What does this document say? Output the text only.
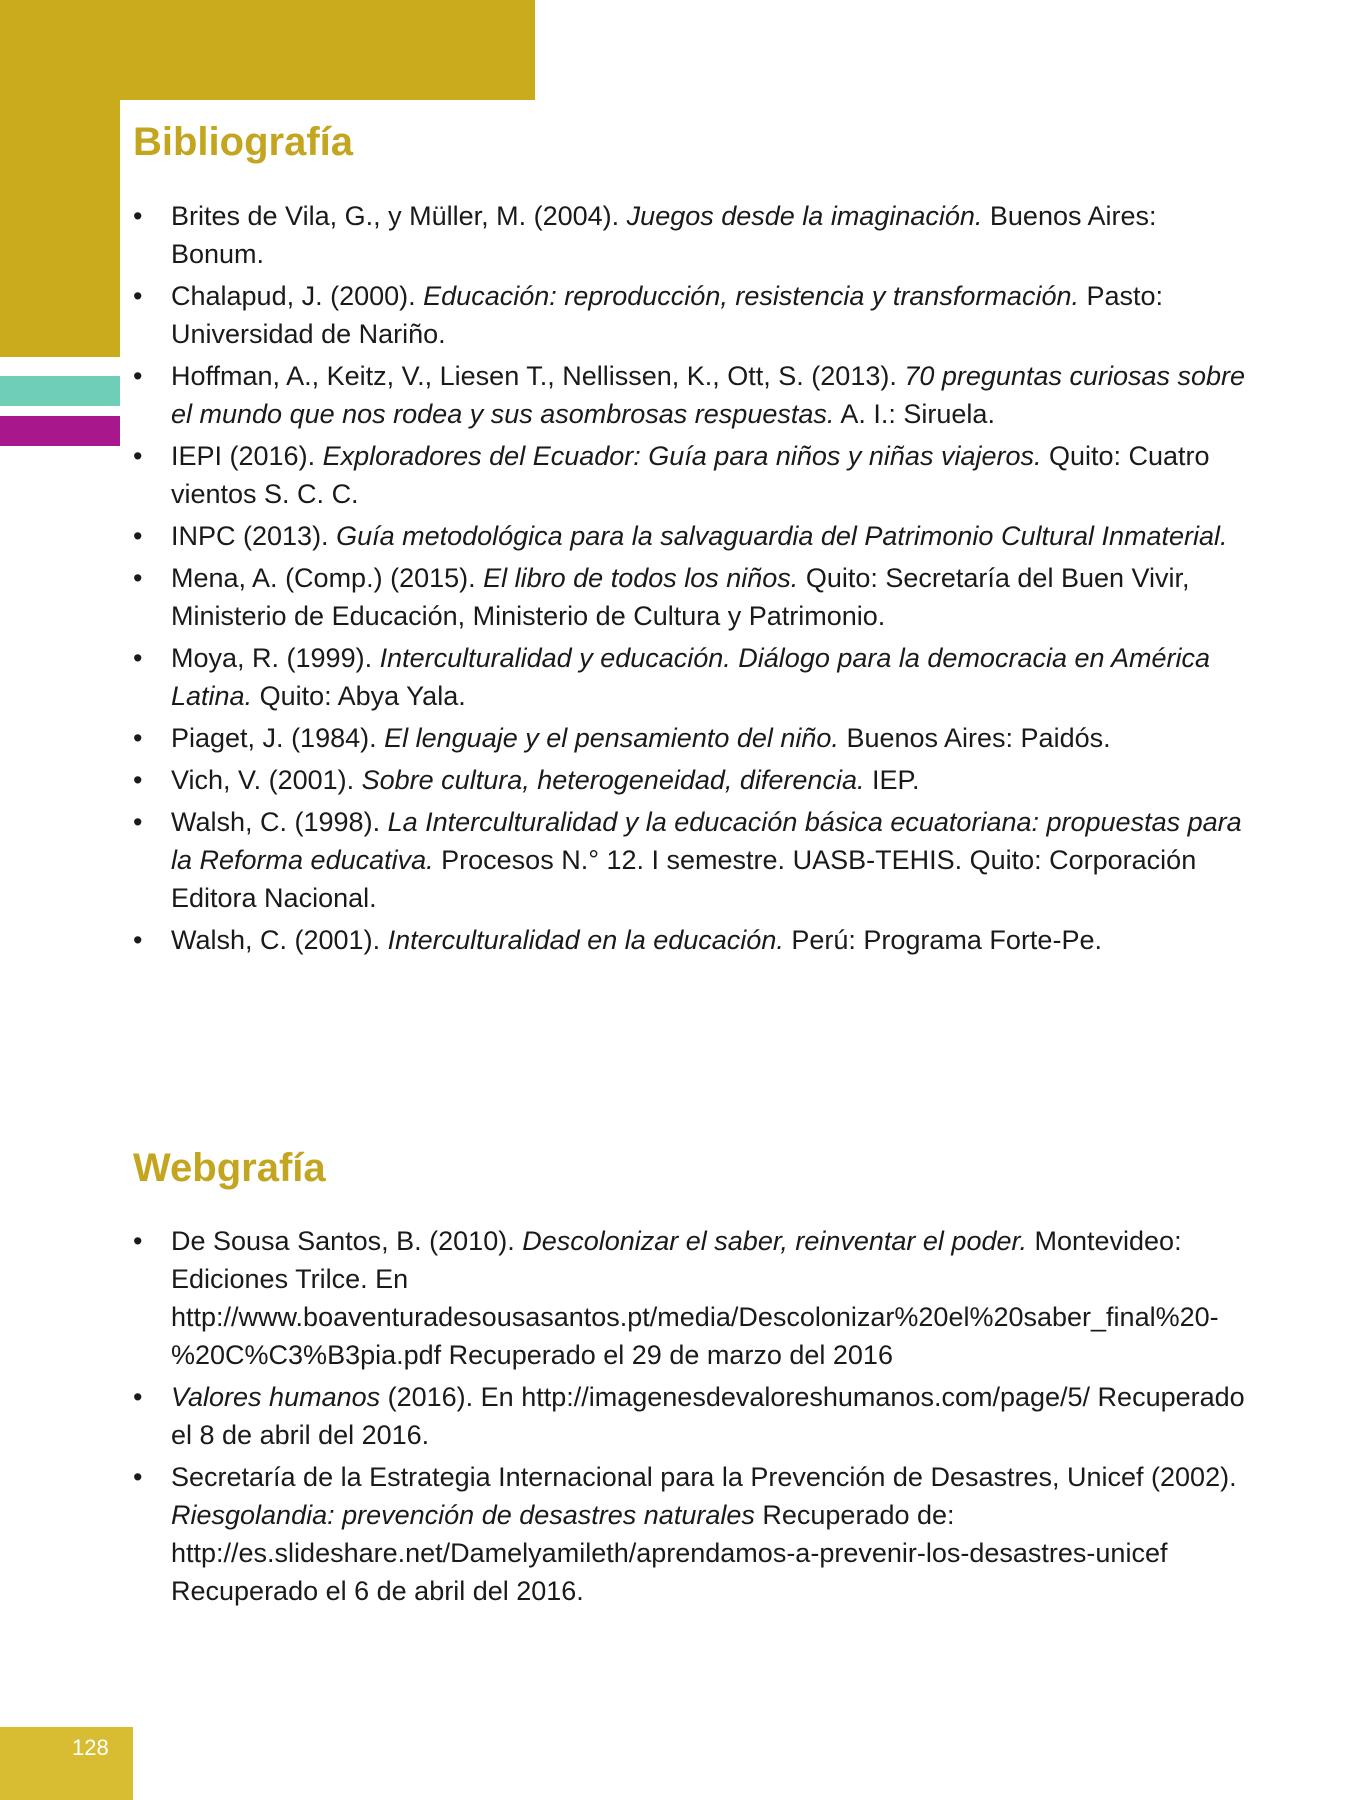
128
Bibliografía
• Brites de Vila, G., y Müller, M. (2004). Juegos desde la imaginación. Buenos Aires: Bonum.
• Chalapud, J. (2000). Educación: reproducción, resistencia y transformación. Pasto: Universidad de Nariño.
• Hoffman, A., Keitz, V., Liesen T., Nellissen, K., Ott, S. (2013). 70 preguntas curiosas sobre el mundo que nos rodea y sus asombrosas respuestas. A. I.: Siruela.
• IEPI (2016). Exploradores del Ecuador: Guía para niños y niñas viajeros. Quito: Cuatro vientos S. C. C.
• INPC (2013). Guía metodológica para la salvaguardia del Patrimonio Cultural Inmaterial.
• Mena, A. (Comp.) (2015). El libro de todos los niños. Quito: Secretaría del Buen Vivir, Ministerio de Educación, Ministerio de Cultura y Patrimonio.
• Moya, R. (1999). Interculturalidad y educación. Diálogo para la democracia en América Latina. Quito: Abya Yala.
• Piaget, J. (1984). El lenguaje y el pensamiento del niño. Buenos Aires: Paidós.
• Vich, V. (2001). Sobre cultura, heterogeneidad, diferencia. IEP.
• Walsh, C. (1998). La Interculturalidad y la educación básica ecuatoriana: propuestas para la Reforma educativa. Procesos N.° 12. I semestre. UASB-TEHIS. Quito: Corporación Editora Nacional.
• Walsh, C. (2001). Interculturalidad en la educación. Perú: Programa Forte-Pe.
Webgrafía
• De Sousa Santos, B. (2010). Descolonizar el saber, reinventar el poder. Montevideo: Ediciones Trilce. En http://www.boaventuradesousasantos.pt/media/Descolonizar%20el%20saber_final%20-%20C%C3%B3pia.pdf Recuperado el 29 de marzo del 2016
• Valores humanos (2016). En http://imagenesdevaloreshumanos.com/page/5/ Recuperado el 8 de abril del 2016.
• Secretaría de la Estrategia Internacional para la Prevención de Desastres, Unicef (2002). Riesgolandia: prevención de desastres naturales Recuperado de: http://es.slideshare.net/Damelyamileth/aprendamos-a-prevenir-los-desastres-unicef Recuperado el 6 de abril del 2016.
